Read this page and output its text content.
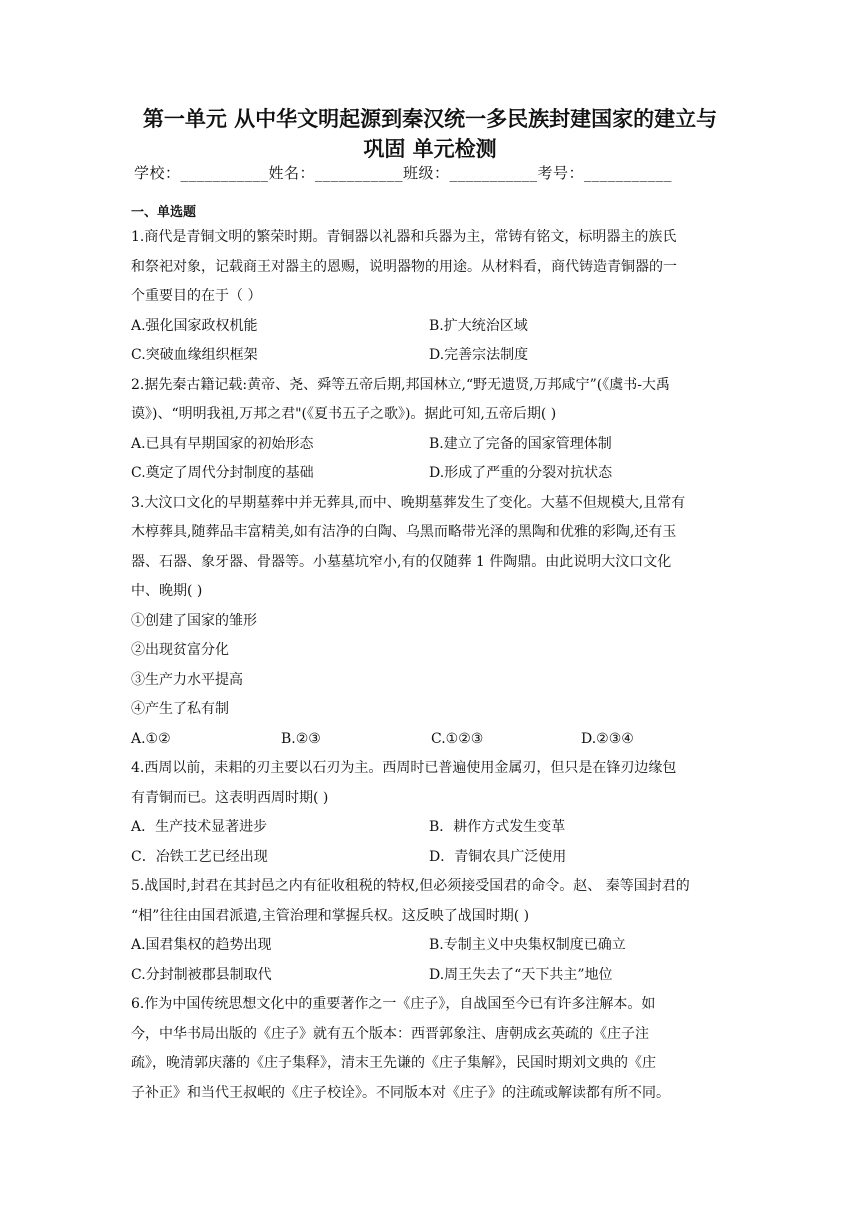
第一单元 从中华文明起源到秦汉统一多民族封建国家的建立与
巩固 单元检测
学校：___________姓名：___________班级：___________考号：___________
一、单选题
1.商代是青铜文明的繁荣时期。青铜器以礼器和兵器为主，常铸有铭文，标明器主的族氏
和祭祀对象，记载商王对器主的恩赐，说明器物的用途。从材料看，商代铸造青铜器的一
个重要目的在于（ ）
A.强化国家政权机能	B.扩大统治区域
C.突破血缘组织框架	D.完善宗法制度
2.据先秦古籍记载:黄帝、尧、舜等五帝后期,邦国林立,“野无遗贤,万邦咸宁”(《虞书-大禹
谟》)、“明明我祖,万邦之君"(《夏书五子之歌》)。据此可知,五帝后期( )
A.已具有早期国家的初始形态	B.建立了完备的国家管理体制
C.奠定了周代分封制度的基础	D.形成了严重的分裂对抗状态
3.大汶口文化的早期墓葬中并无葬具,而中、晚期墓葬发生了变化。大墓不但规模大,且常有
木椁葬具,随葬品丰富精美,如有洁净的白陶、乌黑而略带光泽的黑陶和优雅的彩陶,还有玉
器、石器、象牙器、骨器等。小墓墓坑窄小,有的仅随葬 1 件陶鼎。由此说明大汶口文化
中、晚期( )
①创建了国家的雏形
②出现贫富分化
③生产力水平提高
④产生了私有制
A.①②	B.②③	C.①②③	D.②③④
4.西周以前，耒耜的刃主要以石刃为主。西周时已普遍使用金属刃，但只是在锋刃边缘包
有青铜而已。这表明西周时期( )
A．生产技术显著进步	B．耕作方式发生变革
C．冶铁工艺已经出现	D．青铜农具广泛使用
5.战国时,封君在其封邑之内有征收租税的特权,但必须接受国君的命令。赵、 秦等国封君的
“相”往往由国君派遣,主管治理和掌握兵权。这反映了战国时期( )
A.国君集权的趋势出现	B.专制主义中央集权制度已确立
C.分封制被郡县制取代	D.周王失去了“天下共主”地位
6.作为中国传统思想文化中的重要著作之一《庄子》，自战国至今已有许多注解本。如
今，中华书局出版的《庄子》就有五个版本：西晋郭象注、唐朝成玄英疏的《庄子注
疏》，晚清郭庆藩的《庄子集释》，清末王先谦的《庄子集解》，民国时期刘文典的《庄
子补正》和当代王叔岷的《庄子校诠》。不同版本对《庄子》的注疏或解读都有所不同。
